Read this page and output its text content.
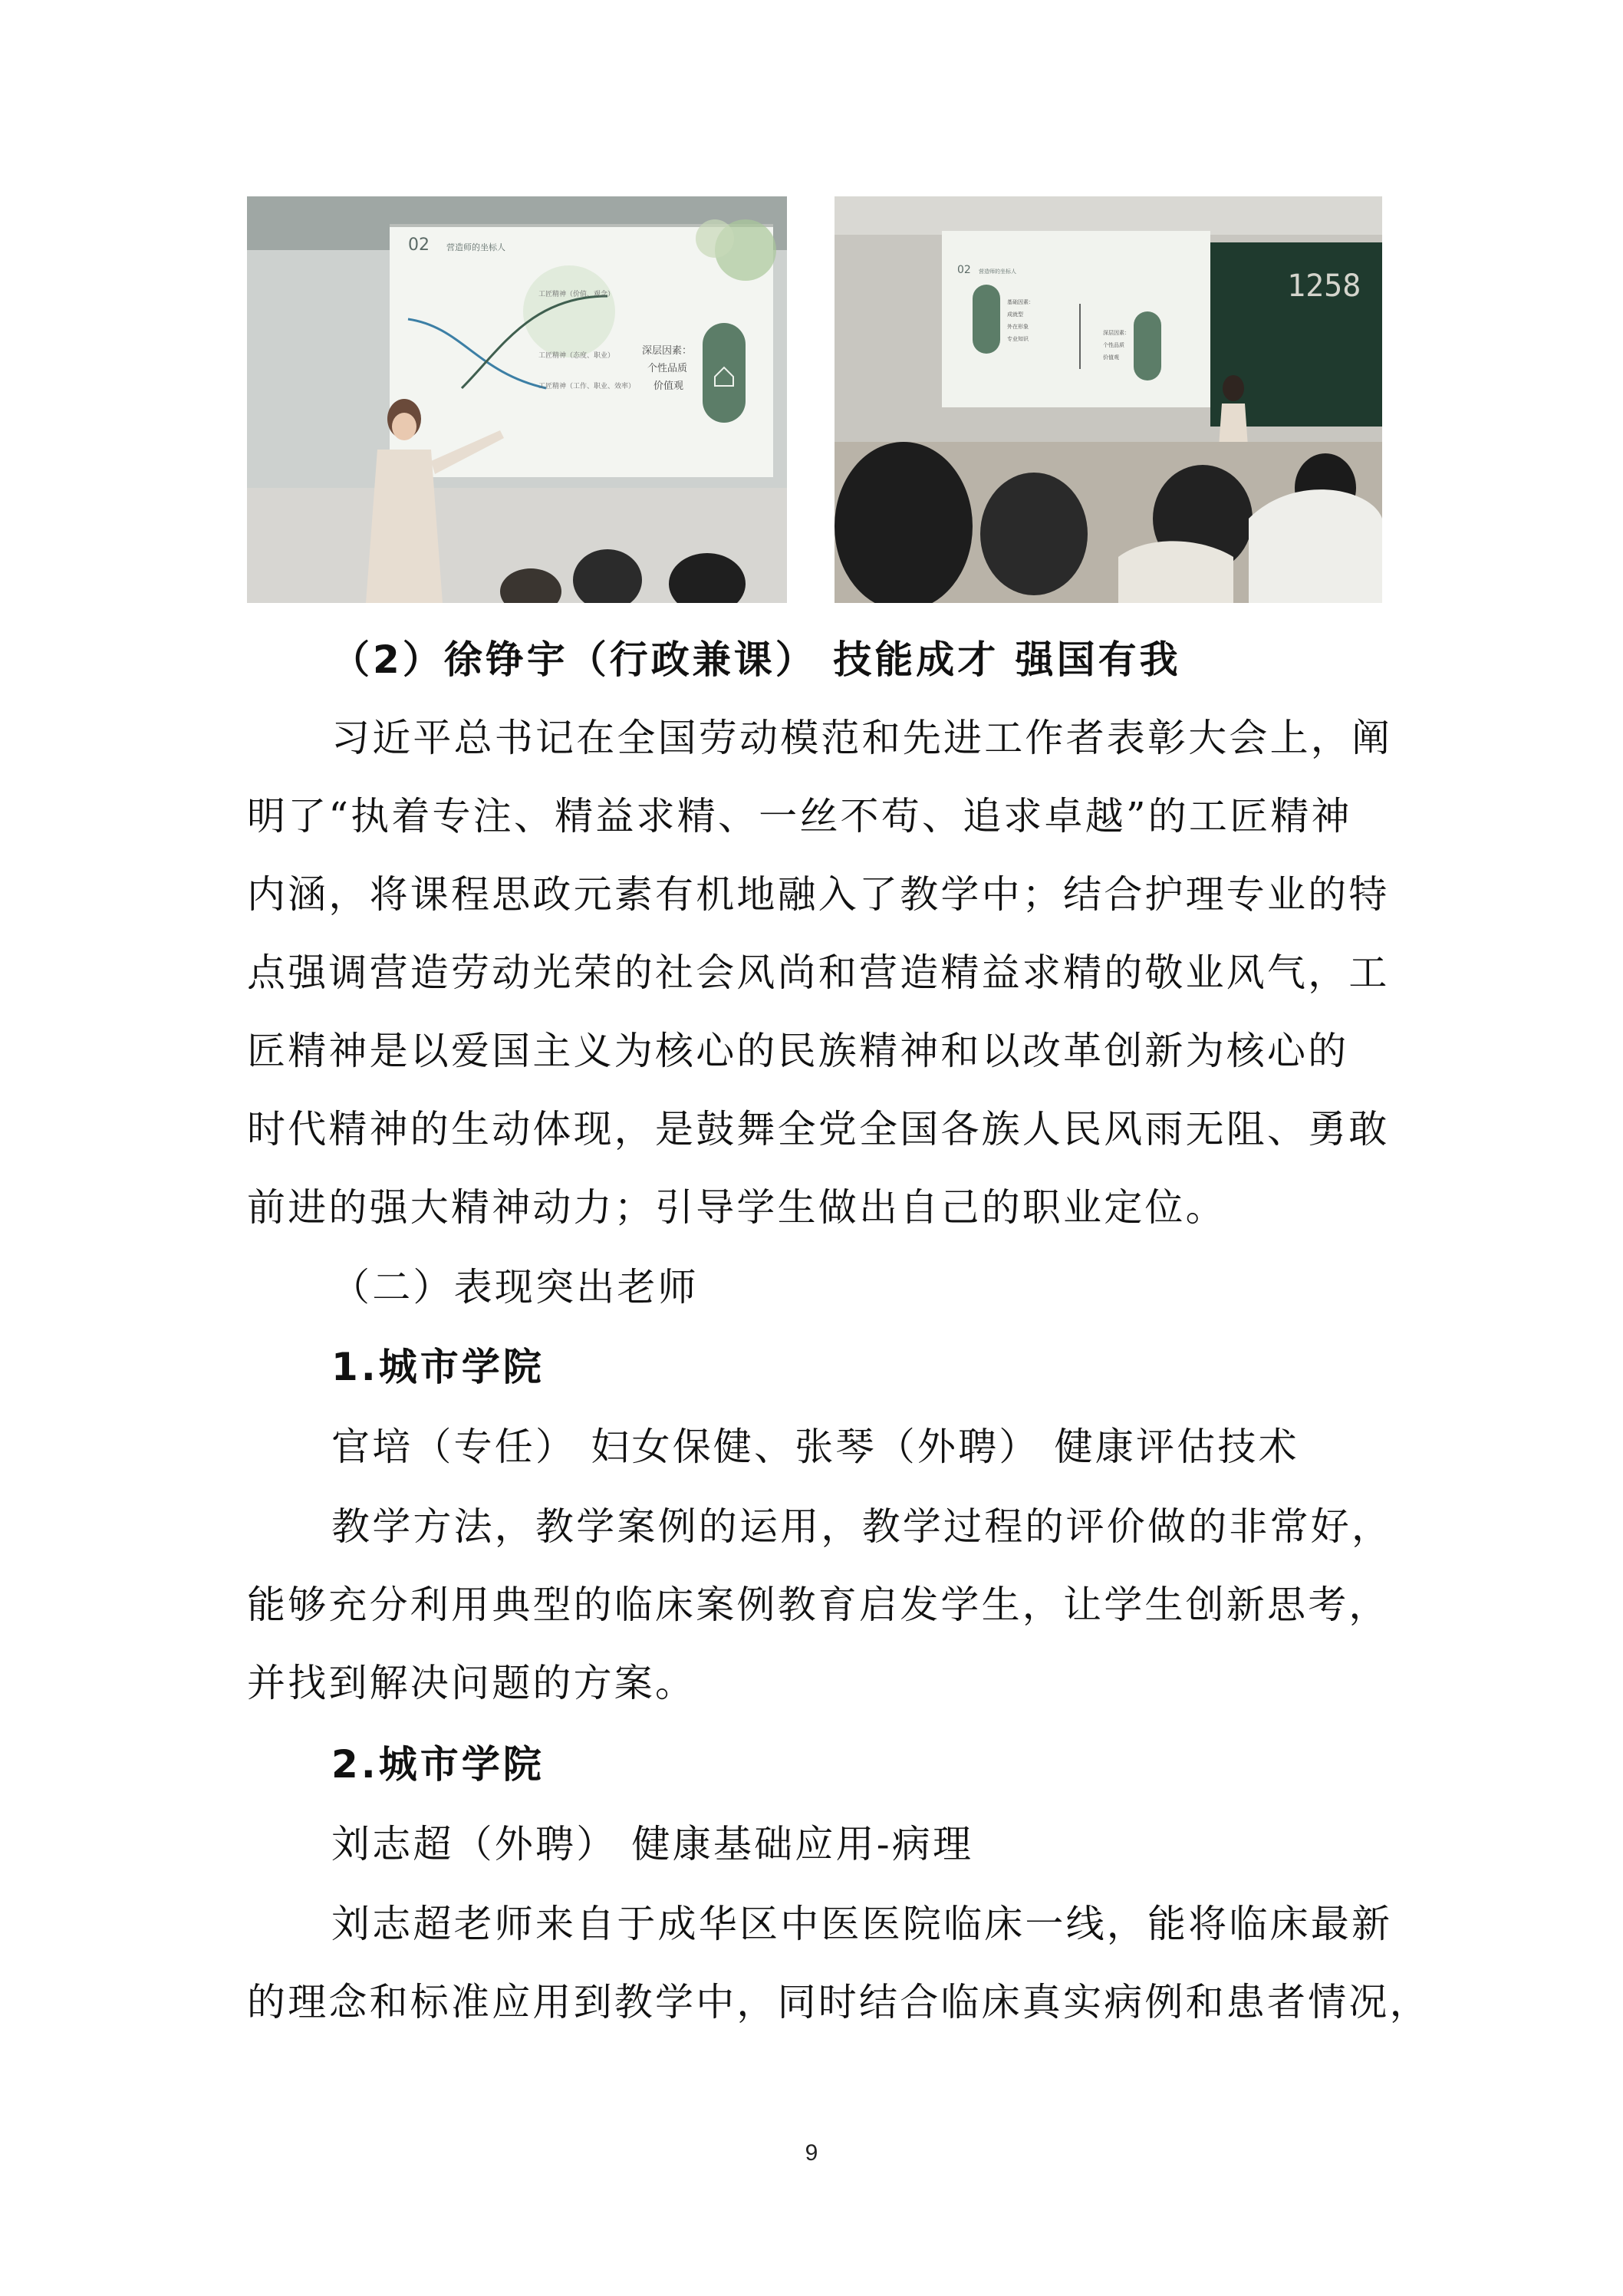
02 营造师的坐标人
工匠精神（价值、观念）
工匠精神（态度、职业）
工匠精神（工作、职业、效率）
深层因素：
个性品质
价值观
1258
02 营造师的坐标人
基础因素：
成就型
外在形象
专业知识
深层因素：
个性品质
价值观
（2）徐铮宇（行政兼课） 技能成才 强国有我
习近平总书记在全国劳动模范和先进工作者表彰大会上，阐
明了“执着专注、精益求精、一丝不苟、追求卓越”的工匠精神
内涵，将课程思政元素有机地融入了教学中；结合护理专业的特
点强调营造劳动光荣的社会风尚和营造精益求精的敬业风气，工
匠精神是以爱国主义为核心的民族精神和以改革创新为核心的
时代精神的生动体现，是鼓舞全党全国各族人民风雨无阻、勇敢
前进的强大精神动力；引导学生做出自己的职业定位。
（二）表现突出老师
1.城市学院
官培（专任） 妇女保健、张琴（外聘） 健康评估技术
教学方法，教学案例的运用，教学过程的评价做的非常好，
能够充分利用典型的临床案例教育启发学生，让学生创新思考，
并找到解决问题的方案。
2.城市学院
刘志超（外聘） 健康基础应用-病理
刘志超老师来自于成华区中医医院临床一线，能将临床最新
的理念和标准应用到教学中，同时结合临床真实病例和患者情况，
9
